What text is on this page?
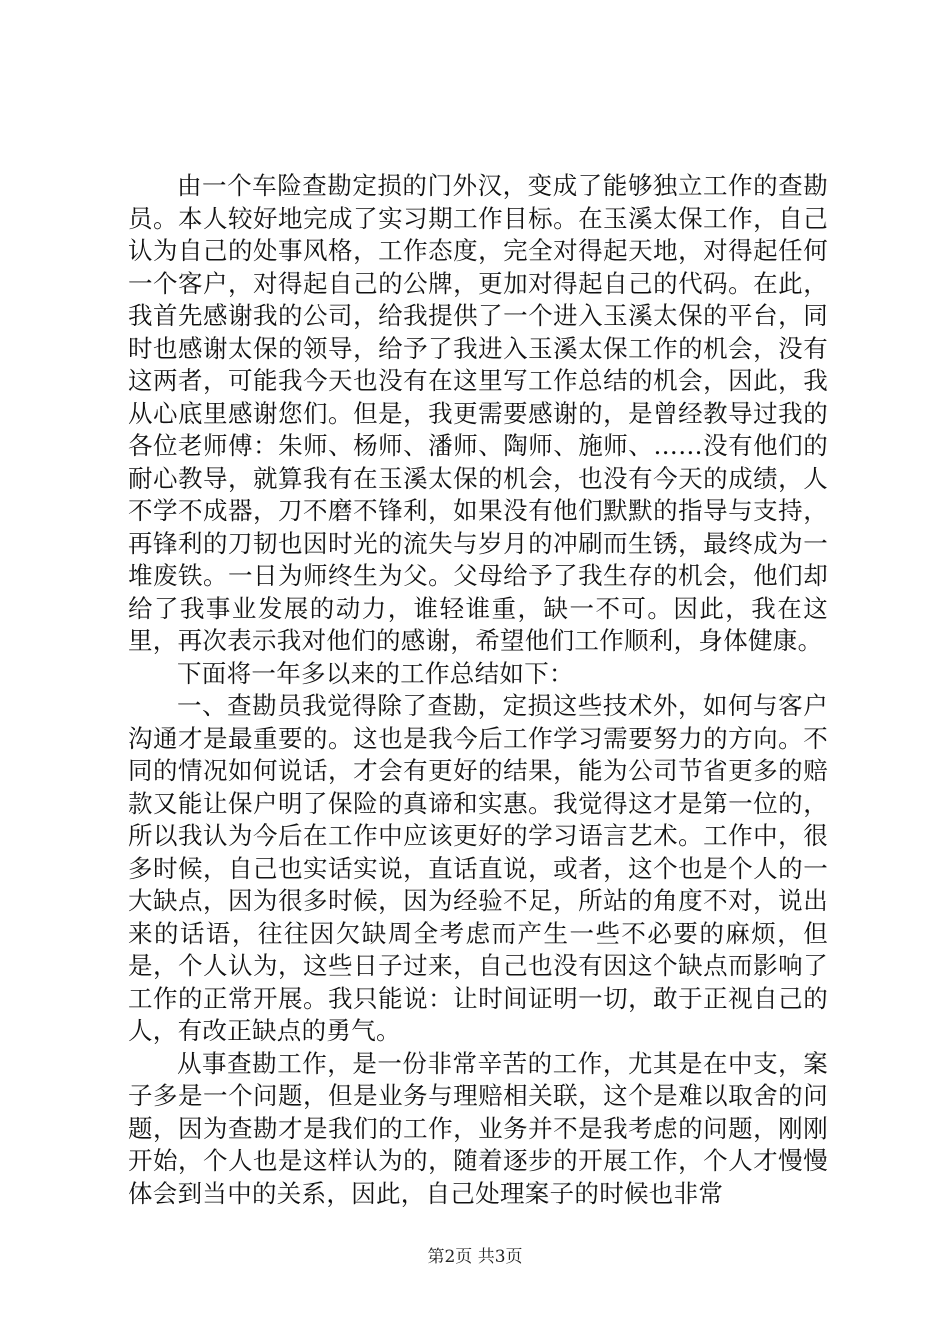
由一个车险查勘定损的门外汉，变成了能够独立工作的查勘员。本人较好地完成了实习期工作目标。在玉溪太保工作，自己认为自己的处事风格，工作态度，完全对得起天地，对得起任何一个客户，对得起自己的公牌，更加对得起自己的代码。在此，我首先感谢我的公司，给我提供了一个进入玉溪太保的平台，同时也感谢太保的领导，给予了我进入玉溪太保工作的机会，没有这两者，可能我今天也没有在这里写工作总结的机会，因此，我从心底里感谢您们。但是，我更需要感谢的，是曾经教导过我的各位老师傅：朱师、杨师、潘师、陶师、施师、……没有他们的耐心教导，就算我有在玉溪太保的机会，也没有今天的成绩，人不学不成器，刀不磨不锋利，如果没有他们默默的指导与支持，再锋利的刀韧也因时光的流失与岁月的冲刷而生锈，最终成为一堆废铁。一日为师终生为父。父母给予了我生存的机会，他们却给了我事业发展的动力，谁轻谁重，缺一不可。因此，我在这里，再次表示我对他们的感谢，希望他们工作顺利，身体健康。

下面将一年多以来的工作总结如下：

一、查勘员我觉得除了查勘，定损这些技术外，如何与客户沟通才是最重要的。这也是我今后工作学习需要努力的方向。不同的情况如何说话，才会有更好的结果，能为公司节省更多的赔款又能让保户明了保险的真谛和实惠。我觉得这才是第一位的，所以我认为今后在工作中应该更好的学习语言艺术。工作中，很多时候，自己也实话实说，直话直说，或者，这个也是个人的一大缺点，因为很多时候，因为经验不足，所站的角度不对，说出来的话语，往往因欠缺周全考虑而产生一些不必要的麻烦，但是，个人认为，这些日子过来，自己也没有因这个缺点而影响了工作的正常开展。我只能说：让时间证明一切，敢于正视自己的人，有改正缺点的勇气。

从事查勘工作，是一份非常辛苦的工作，尤其是在中支，案子多是一个问题，但是业务与理赔相关联，这个是难以取舍的问题，因为查勘才是我们的工作，业务并不是我考虑的问题，刚刚开始，个人也是这样认为的，随着逐步的开展工作，个人才慢慢体会到当中的关系，因此，自己处理案子的时候也非常

第2页 共3页
